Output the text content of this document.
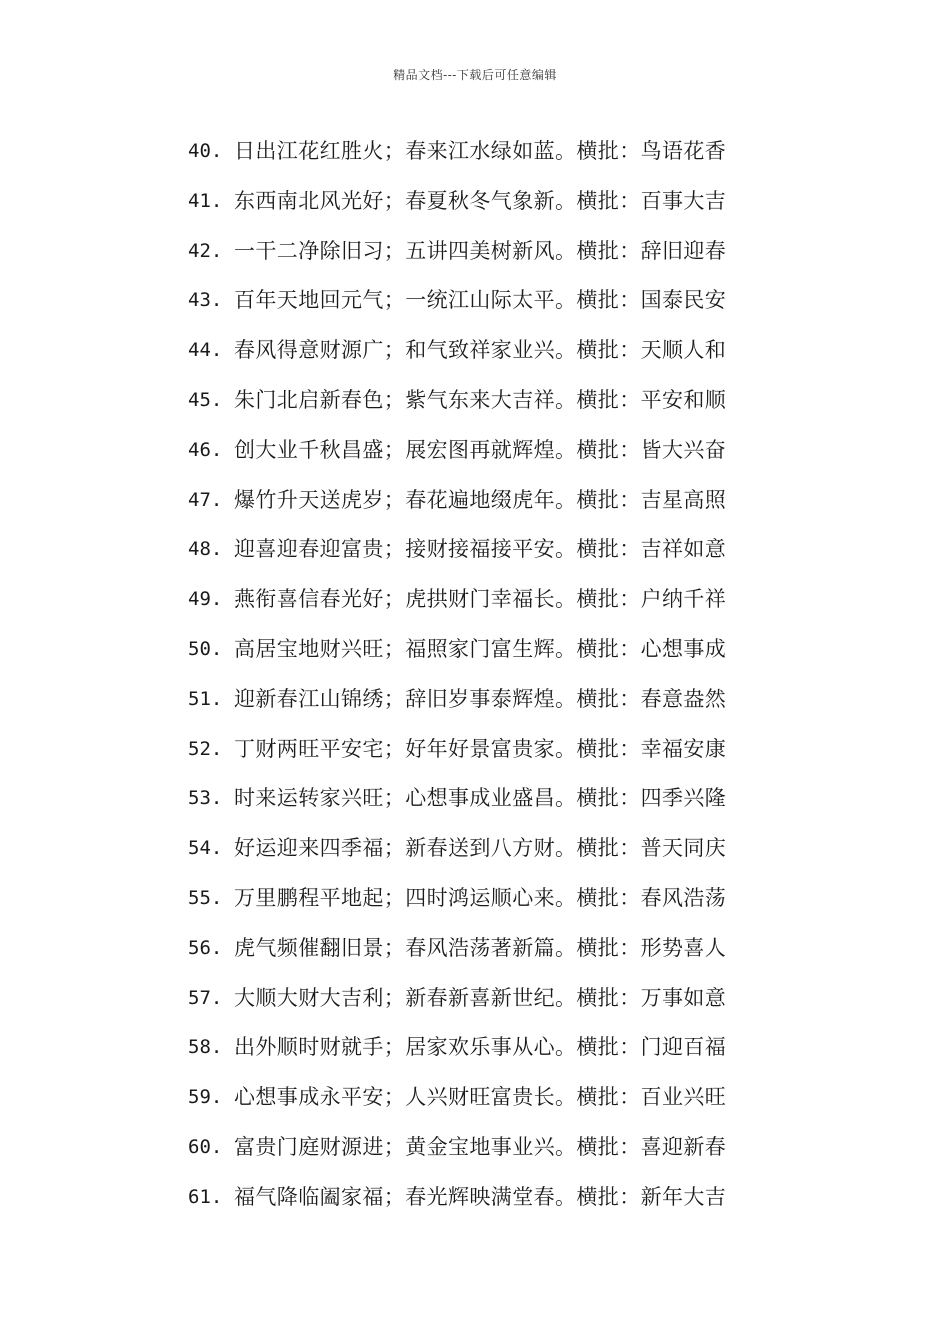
精品文档---下载后可任意编辑
40. 日出江花红胜火；春来江水绿如蓝。横批：鸟语花香
41. 东西南北风光好；春夏秋冬气象新。横批：百事大吉
42. 一干二净除旧习；五讲四美树新风。横批：辞旧迎春
43. 百年天地回元气；一统江山际太平。横批：国泰民安
44. 春风得意财源广；和气致祥家业兴。横批：天顺人和
45. 朱门北启新春色；紫气东来大吉祥。横批：平安和顺
46. 创大业千秋昌盛；展宏图再就辉煌。横批：皆大兴奋
47. 爆竹升天送虎岁；春花遍地缀虎年。横批：吉星高照
48. 迎喜迎春迎富贵；接财接福接平安。横批：吉祥如意
49. 燕衔喜信春光好；虎拱财门幸福长。横批：户纳千祥
50. 高居宝地财兴旺；福照家门富生辉。横批：心想事成
51. 迎新春江山锦绣；辞旧岁事泰辉煌。横批：春意盎然
52. 丁财两旺平安宅；好年好景富贵家。横批：幸福安康
53. 时来运转家兴旺；心想事成业盛昌。横批：四季兴隆
54. 好运迎来四季福；新春送到八方财。横批：普天同庆
55. 万里鹏程平地起；四时鸿运顺心来。横批：春风浩荡
56. 虎气频催翻旧景；春风浩荡著新篇。横批：形势喜人
57. 大顺大财大吉利；新春新喜新世纪。横批：万事如意
58. 出外顺时财就手；居家欢乐事从心。横批：门迎百福
59. 心想事成永平安；人兴财旺富贵长。横批：百业兴旺
60. 富贵门庭财源进；黄金宝地事业兴。横批：喜迎新春
61. 福气降临阖家福；春光辉映满堂春。横批：新年大吉
